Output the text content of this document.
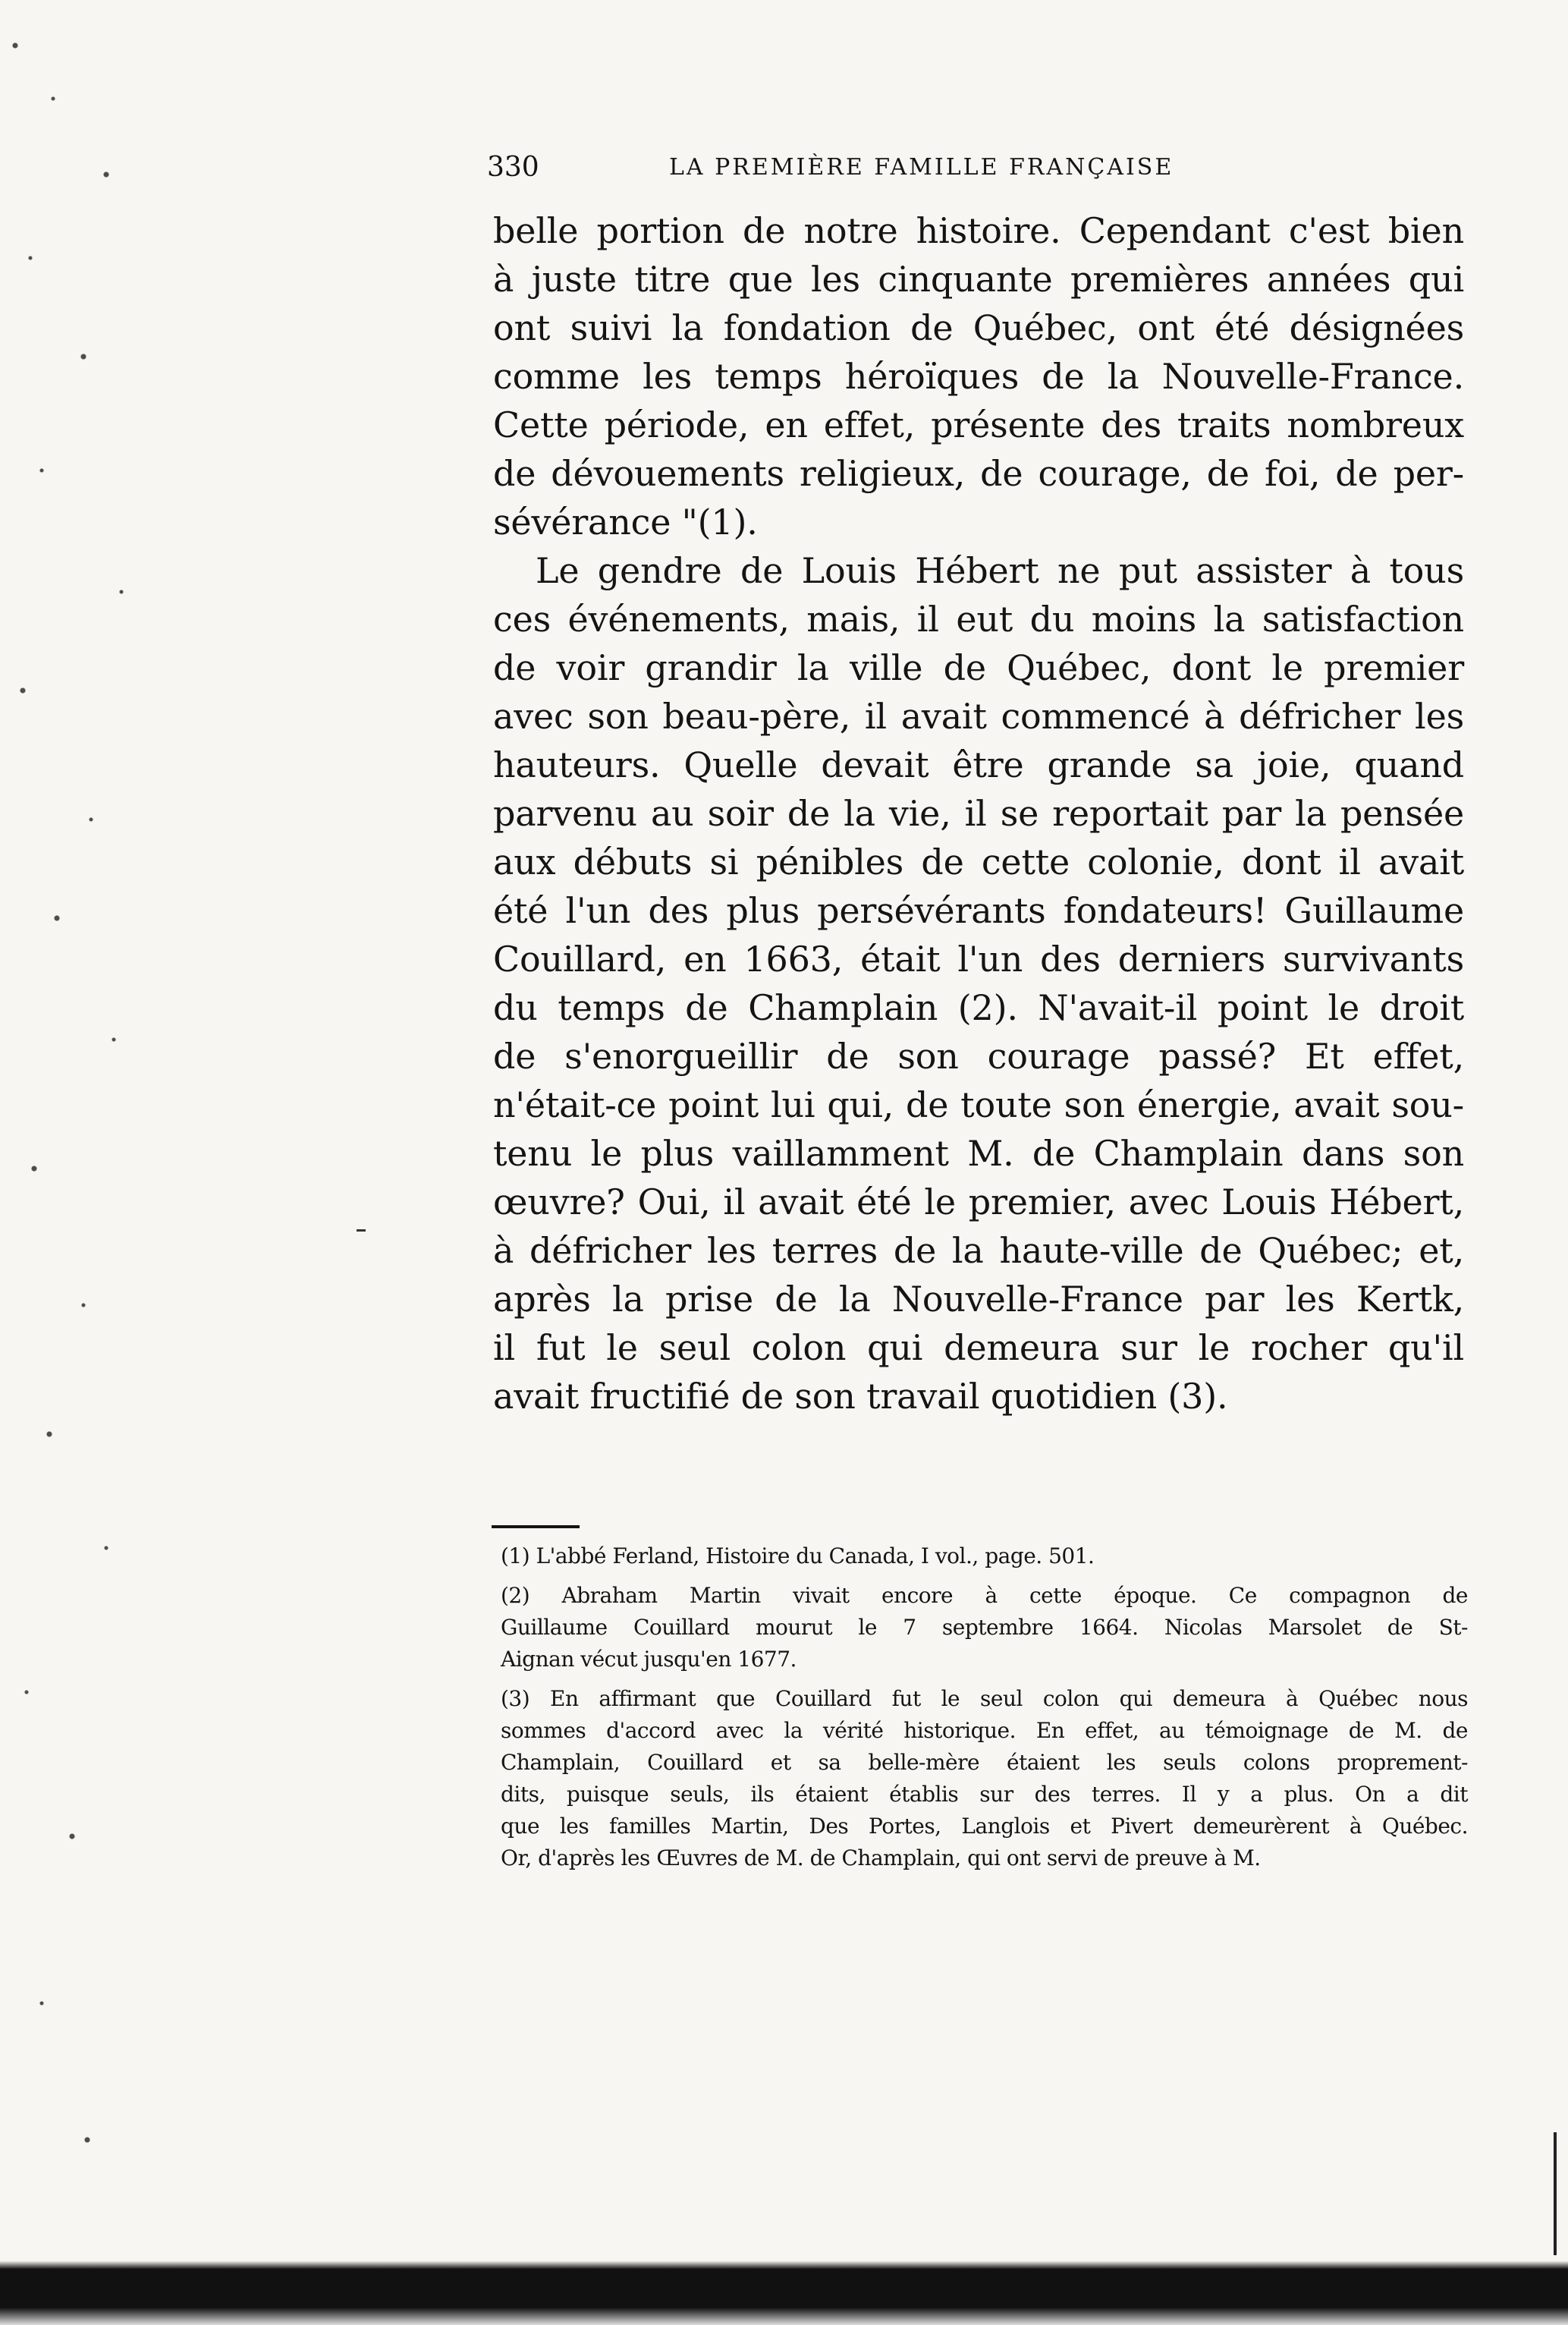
330	LA PREMIÈRE FAMILLE FRANÇAISE
belle portion de notre histoire. Cependant c'est bien
à juste titre que les cinquante premières années qui
ont suivi la fondation de Québec, ont été désignées
comme les temps héroïques de la Nouvelle-France.
Cette période, en effet, présente des traits nombreux
de dévouements religieux, de courage, de foi, de per-
sévérance "(1).
Le gendre de Louis Hébert ne put assister à tous
ces événements, mais, il eut du moins la satisfaction
de voir grandir la ville de Québec, dont le premier
avec son beau-père, il avait commencé à défricher les
hauteurs. Quelle devait être grande sa joie, quand
parvenu au soir de la vie, il se reportait par la pensée
aux débuts si pénibles de cette colonie, dont il avait
été l'un des plus persévérants fondateurs! Guillaume
Couillard, en 1663, était l'un des derniers survivants
du temps de Champlain (2). N'avait-il point le droit
de s'enorgueillir de son courage passé? Et effet,
n'était-ce point lui qui, de toute son énergie, avait sou-
tenu le plus vaillamment M. de Champlain dans son
œuvre? Oui, il avait été le premier, avec Louis Hébert,
à défricher les terres de la haute-ville de Québec; et,
après la prise de la Nouvelle-France par les Kertk,
il fut le seul colon qui demeura sur le rocher qu'il
avait fructifié de son travail quotidien (3).
(1) L'abbé Ferland, Histoire du Canada, I vol., page. 501.
(2) Abraham Martin vivait encore à cette époque. Ce compagnon de
Guillaume Couillard mourut le 7 septembre 1664. Nicolas Marsolet de St-
Aignan vécut jusqu'en 1677.
(3) En affirmant que Couillard fut le seul colon qui demeura à Québec nous
sommes d'accord avec la vérité historique. En effet, au témoignage de M. de
Champlain, Couillard et sa belle-mère étaient les seuls colons proprement-
dits, puisque seuls, ils étaient établis sur des terres. Il y a plus. On a dit
que les familles Martin, Des Portes, Langlois et Pivert demeurèrent à Québec.
Or, d'après les Œuvres de M. de Champlain, qui ont servi de preuve à M.
